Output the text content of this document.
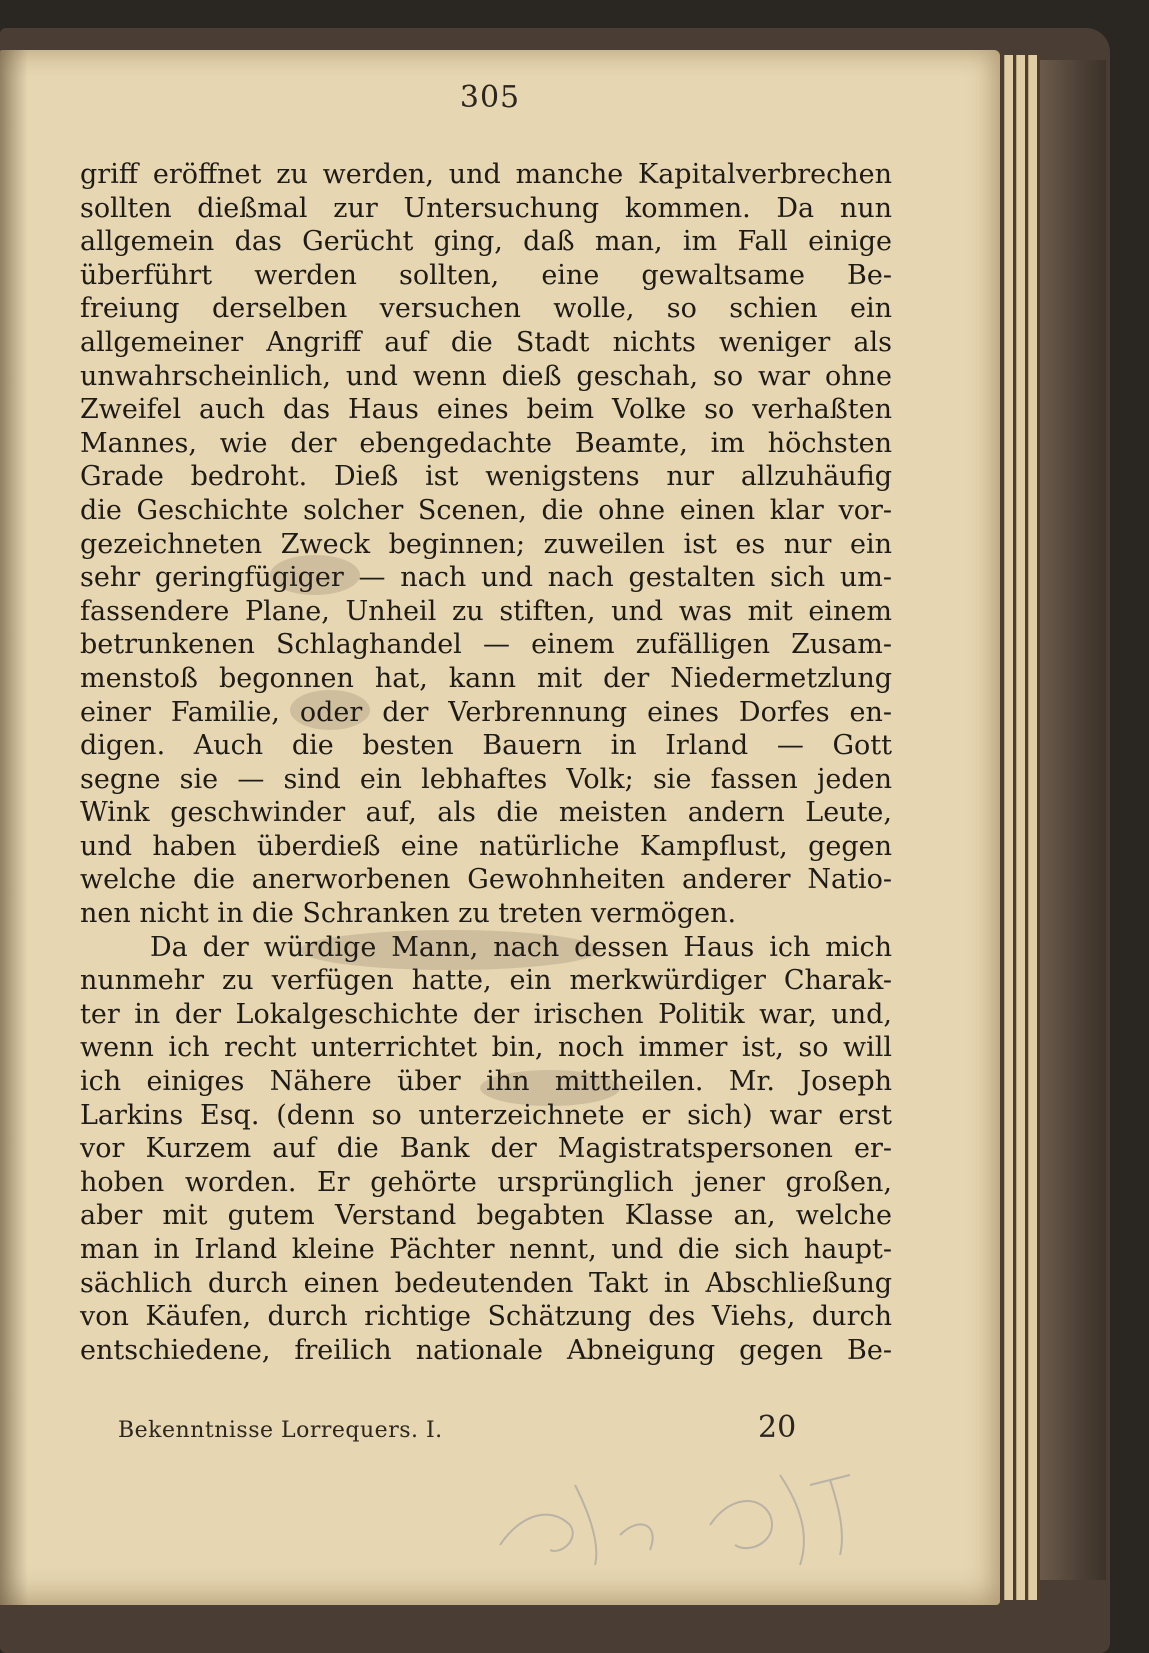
305
griff eröffnet zu werden, und manche Kapitalverbrechen
sollten dießmal zur Untersuchung kommen. Da nun
allgemein das Gerücht ging, daß man, im Fall einige
überführt werden sollten, eine gewaltsame Be-
freiung derselben versuchen wolle, so schien ein
allgemeiner Angriff auf die Stadt nichts weniger als
unwahrscheinlich, und wenn dieß geschah, so war ohne
Zweifel auch das Haus eines beim Volke so verhaßten
Mannes, wie der ebengedachte Beamte, im höchsten
Grade bedroht. Dieß ist wenigstens nur allzuhäufig
die Geschichte solcher Scenen, die ohne einen klar vor-
gezeichneten Zweck beginnen; zuweilen ist es nur ein
sehr geringfügiger — nach und nach gestalten sich um-
fassendere Plane, Unheil zu stiften, und was mit einem
betrunkenen Schlaghandel — einem zufälligen Zusam-
menstoß begonnen hat, kann mit der Niedermetzlung
einer Familie, oder der Verbrennung eines Dorfes en-
digen. Auch die besten Bauern in Irland — Gott
segne sie — sind ein lebhaftes Volk; sie fassen jeden
Wink geschwinder auf, als die meisten andern Leute,
und haben überdieß eine natürliche Kampflust, gegen
welche die anerworbenen Gewohnheiten anderer Natio-
nen nicht in die Schranken zu treten vermögen.
Da der würdige Mann, nach dessen Haus ich mich
nunmehr zu verfügen hatte, ein merkwürdiger Charak-
ter in der Lokalgeschichte der irischen Politik war, und,
wenn ich recht unterrichtet bin, noch immer ist, so will
ich einiges Nähere über ihn mittheilen. Mr. Joseph
Larkins Esq. (denn so unterzeichnete er sich) war erst
vor Kurzem auf die Bank der Magistratspersonen er-
hoben worden. Er gehörte ursprünglich jener großen,
aber mit gutem Verstand begabten Klasse an, welche
man in Irland kleine Pächter nennt, und die sich haupt-
sächlich durch einen bedeutenden Takt in Abschließung
von Käufen, durch richtige Schätzung des Viehs, durch
entschiedene, freilich nationale Abneigung gegen Be-
Bekenntnisse Lorrequers. I.	20
